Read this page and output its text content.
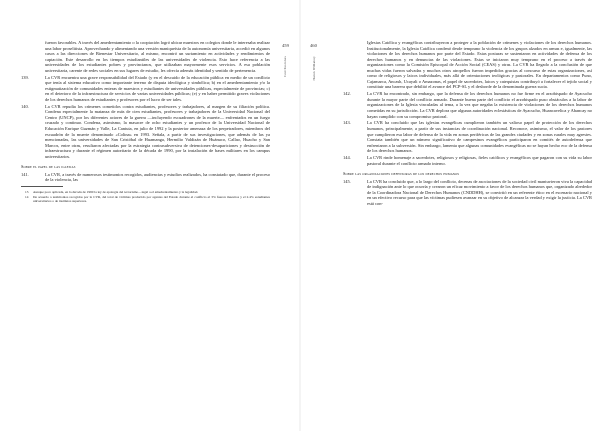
fueron favorables. A través del amedrentamiento o la cooptación logró ubicar maestros en colegios donde le interesaba realizar una labor proselitista. Aprovechando y alimentando una versión maniqueísta de la autonomía universitaria, accedió en algunos casos a las direcciones de Bienestar Universitario, al mismo, encontró un surtamiento en actividades y rendimientos de captación. Este desarrollo en los tiempos estudiantiles de las universidades de violencia. Esto hace referencia a las universidades de los estudiantes pobres y provincianos, que utilizaban mayormente esos servicios. A esa población universitaria, carente de redes sociales en sus lugares de estudio, les ofrecía además identidad y sentido de pertenencia.

139.	La CVR encuentra una grave responsabilidad del Estado (y en el descuido de la educación pública en medio de un conflicto que tenía al sistema educativo como importante terreno de disputa ideológica y simbólica; b) en el amedrentamiento y/o la estigmatización de comunidades enteras de maestros y estudiantes de universidades públicas, especialmente de provincias; c) en el deterioro de la infraestructura de servicios de varias universidades públicas; (e) y en haber permitido graves violaciones de los derechos humanos de estudiantes y profesores por el lucro de ser tales.
140.	La CVR repudia los crímenes cometidos contra estudiantes, profesores y trabajadores, al margen de su filiación política. Condena especialmente la matanza de más de cien estudiantes, profesores y trabajadores de la Universidad Nacional del Centro (UNCP), por los diferentes actores de la guerra —incluyendo escuadrones de la muerte— enfrentados en un fuego cruzado y continuo. Condena, asimismo, la masacre de ocho estudiantes y un profesor de la Universidad Nacional de Educación Enrique Guzmán y Valle, La Cantuta, en julio de 1992 y la posterior amenaza de los perpetradores, miembros del escuadrón de la muerte denominado «Colina» en 1993. Señala, a partir de sus investigaciones, que además de las ya mencionadas, las universidades de San Cristóbal de Huamanga, Hermilio Valdizán de Huánuco, Callao, Huacho y San Marcos, entre otras, resultaron afectadas por la estrategia contrasubversiva de detenciones-desapariciones y destrucción de infraestructura y durante el régimen autoritario de la década de 1990, por la instalación de bases militares en los campus universitarios.
Sobre el papel de las iglesias
141.	La CVR, a través de numerosos testimonios recogidos, audiencias y estudios realizados, ha constatado que, durante el proceso de la violencia, las
13 Aunque poco aplicada, en la década de 1990 la ley de apología del terrorismo—legal a el amedrentamiento y la legalidad.
14 De acuerdo a testimonios recogidos por la CVR, del total de víctimas producido por agentes del Estado durante el conflicto el 3% fueron maestros y el 2.4% estudiantes universitarios o de institutos superiores.
459
Conclusiones
460
Hatun Willakuy

Iglesias Católica y evangélicas contribuyeron a proteger a la población de crímenes y violaciones de los derechos humanos. Institucionalmente, la Iglesia Católica condenó desde temprano la violencia de los grupos alzados en armas e, igualmente, las violaciones de los derechos humanos por parte del Estado. Estas posturas se sustentaron en actividades de defensa de los derechos humanos y en denuncias de las violaciones. Estas se iniciaron muy temprano en el proceso a través de organizaciones como la Comisión Episcopal de Acción Social (CEAS) y otras. La CVR ha llegado a la conclusión de que muchas vidas fueron salvadas y muchos otros atropellos fueron impedidos gracias al concurso de estas organizaciones, así como de religiosos y laicos individuales, más allá de orientaciones teológicas y pastorales. En departamentos como Puno, Cajamarca, Ancash, Ucayali o Amazonas, el papel de sacerdotes, laicos y catequistas contribuyó a fortalecer el tejido social y constituir una barrera que debilitó el avance del PCP-SL y el desborde de la denominada guerra sucia.

142.	La CVR ha encontrado, sin embargo, que la defensa de los derechos humanos no fue firme en el arzobispado de Ayacucho durante la mayor parte del conflicto armado. Durante buena parte del conflicto el arzobispado puso obstáculos a la labor de organizaciones de la Iglesia vinculadas al tema, a la vez que negaba la existencia de violaciones de los derechos humanos cometidas en su jurisdicción. La CVR deplora que algunas autoridades eclesiásticas de Ayacucho, Huancavelica y Abancay no hayan cumplido con su compromiso pastoral.
143.	La CVR ha concluido que las iglesias evangélicas cumplieron también un valioso papel de protección de los derechos humanos, principalmente, a partir de sus instancias de coordinación nacional. Reconoce, asimismo, el valor de los pastores que cumplieron esa labor de defensa de la vida en zonas periféricas de las grandes ciudades y en zonas rurales muy agrestes. Constata también que un número significativo de campesinos evangélicos participaron en comités de autodefensa que enfrentaron a la subversión. Sin embargo, lamenta que algunas comunidades evangélicas no se hayan hecho eco de la defensa de los derechos humanos.
144.	La CVR rinde homenaje a sacerdotes, religiosos y religiosas, fieles católicos y evangélicos que pagaron con su vida su labor pastoral durante el conflicto armado interno.
Sobre las organizaciones defensoras de los derechos humanos
145.	La CVR ha concluido que, a lo largo del conflicto, decenas de asociaciones de la sociedad civil mantuvieron viva la capacidad de indignación ante lo que ocurría y crearon un eficaz movimiento a favor de los derechos humanos que, organizado alrededor de la Coordinadora Nacional de Derechos Humanos (CNDDHH), se convirtió en un referente ético en el escenario nacional y en un efectivo recurso para que las víctimas pudiesen avanzar en su objetivo de alcanzar la verdad y exigir la justicia. La CVR está con-
